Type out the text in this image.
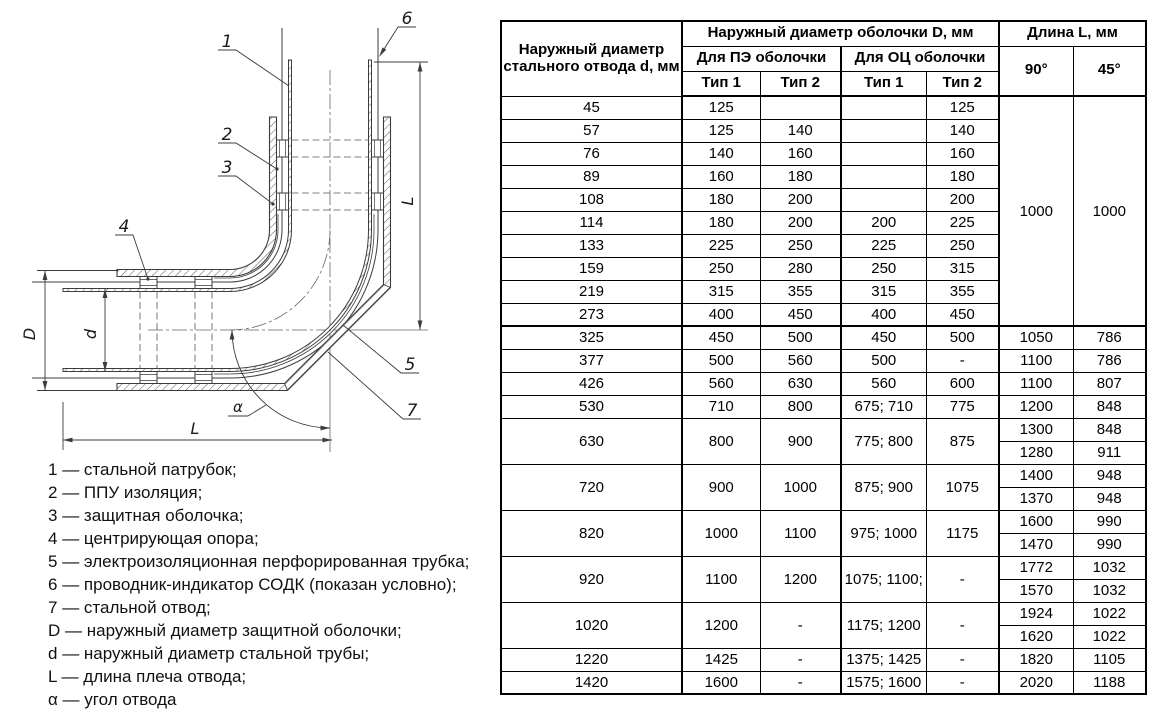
L
L
D	d
α
1
2
3
4
5
6
7
1 — стальной патрубок;
2 — ППУ изоляция;
3 — защитная оболочка;
4 — центрирующая опора;
5 — электроизоляционная перфорированная трубка;
6 — проводник-индикатор СОДК (показан условно);
7 — стальной отвод;
D — наружный диаметр защитной оболочки;
d — наружный диаметр стальной трубы;
L — длина плеча отвода;
α — угол отвода
Наружный диаметр стального отвода d, мм	Наружный диаметр оболочки D, мм				Длина L, мм	
	Для ПЭ оболочки		Для ОЦ оболочки		90°	45°
	Тип 1	Тип 2	Тип 1	Тип 2		
45	125			125	1000	1000
57	125	140		140		
76	140	160		160		
89	160	180		180		
108	180	200		200		
114	180	200	200	225		
133	225	250	225	250		
159	250	280	250	315		
219	315	355	315	355		
273	400	450	400	450		
325	450	500	450	500	1050	786
377	500	560	500	-	1100	786
426	560	630	560	600	1100	807
530	710	800	675; 710	775	1200	848
630	800	900	775; 800	875	1300	848
					1280	911
720	900	1000	875; 900	1075	1400	948
					1370	948
820	1000	1100	975; 1000	1175	1600	990
					1470	990
920	1100	1200	1075; 1100;	-	1772	1032
					1570	1032
1020	1200	-	1175; 1200	-	1924	1022
					1620	1022
1220	1425	-	1375; 1425	-	1820	1105
1420	1600	-	1575; 1600	-	2020	1188
